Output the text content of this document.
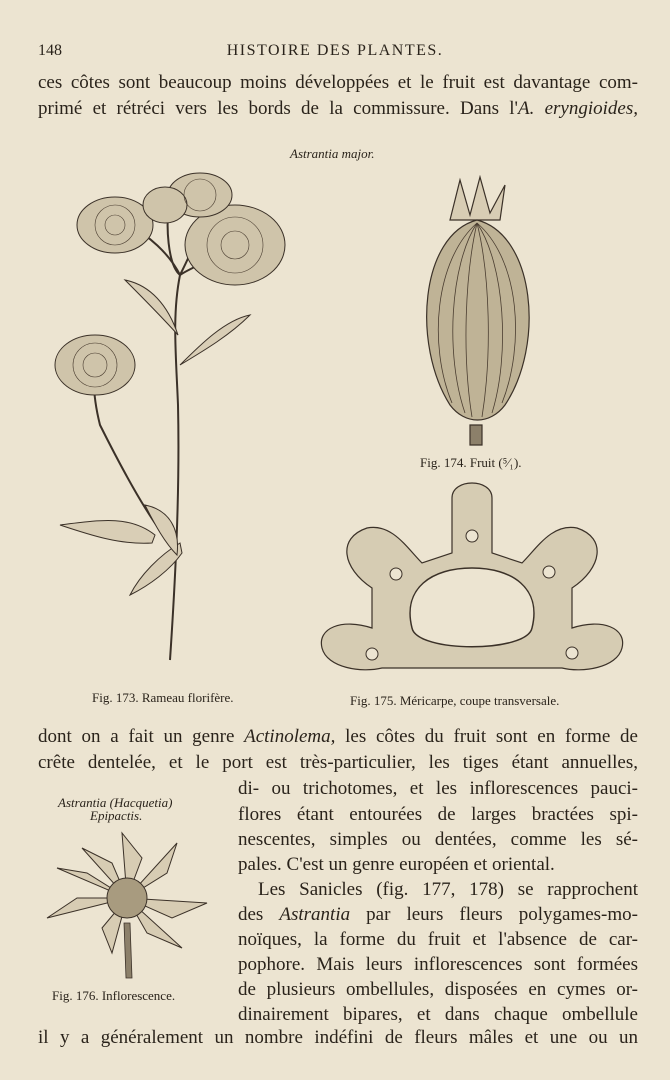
148	HISTOIRE DES PLANTES.
ces côtes sont beaucoup moins développées et le fruit est davantage com-
primé et rétréci vers les bords de la commissure. Dans l'A. eryngioides,
Astrantia major.
Fig. 173. Rameau florifère.
Fig. 174. Fruit (⁵⁄₁).
Fig. 175. Méricarpe, coupe transversale.
dont on a fait un genre Actinolema, les côtes du fruit sont en forme de
crête dentelée, et le port est très-particulier, les tiges étant annuelles,
Astrantia (Hacquetia)
Epipactis.
Fig. 176. Inflorescence.
di- ou trichotomes, et les inflorescences pauci-
flores étant entourées de larges bractées spi-
nescentes, simples ou dentées, comme les sé-
pales. C'est un genre européen et oriental.
Les Sanicles (fig. 177, 178) se rapprochent
des Astrantia par leurs fleurs polygames-mo-
noïques, la forme du fruit et l'absence de car-
pophore. Mais leurs inflorescences sont formées
de plusieurs ombellules, disposées en cymes or-
dinairement bipares, et dans chaque ombellule
il y a généralement un nombre indéfini de fleurs mâles et une ou un
